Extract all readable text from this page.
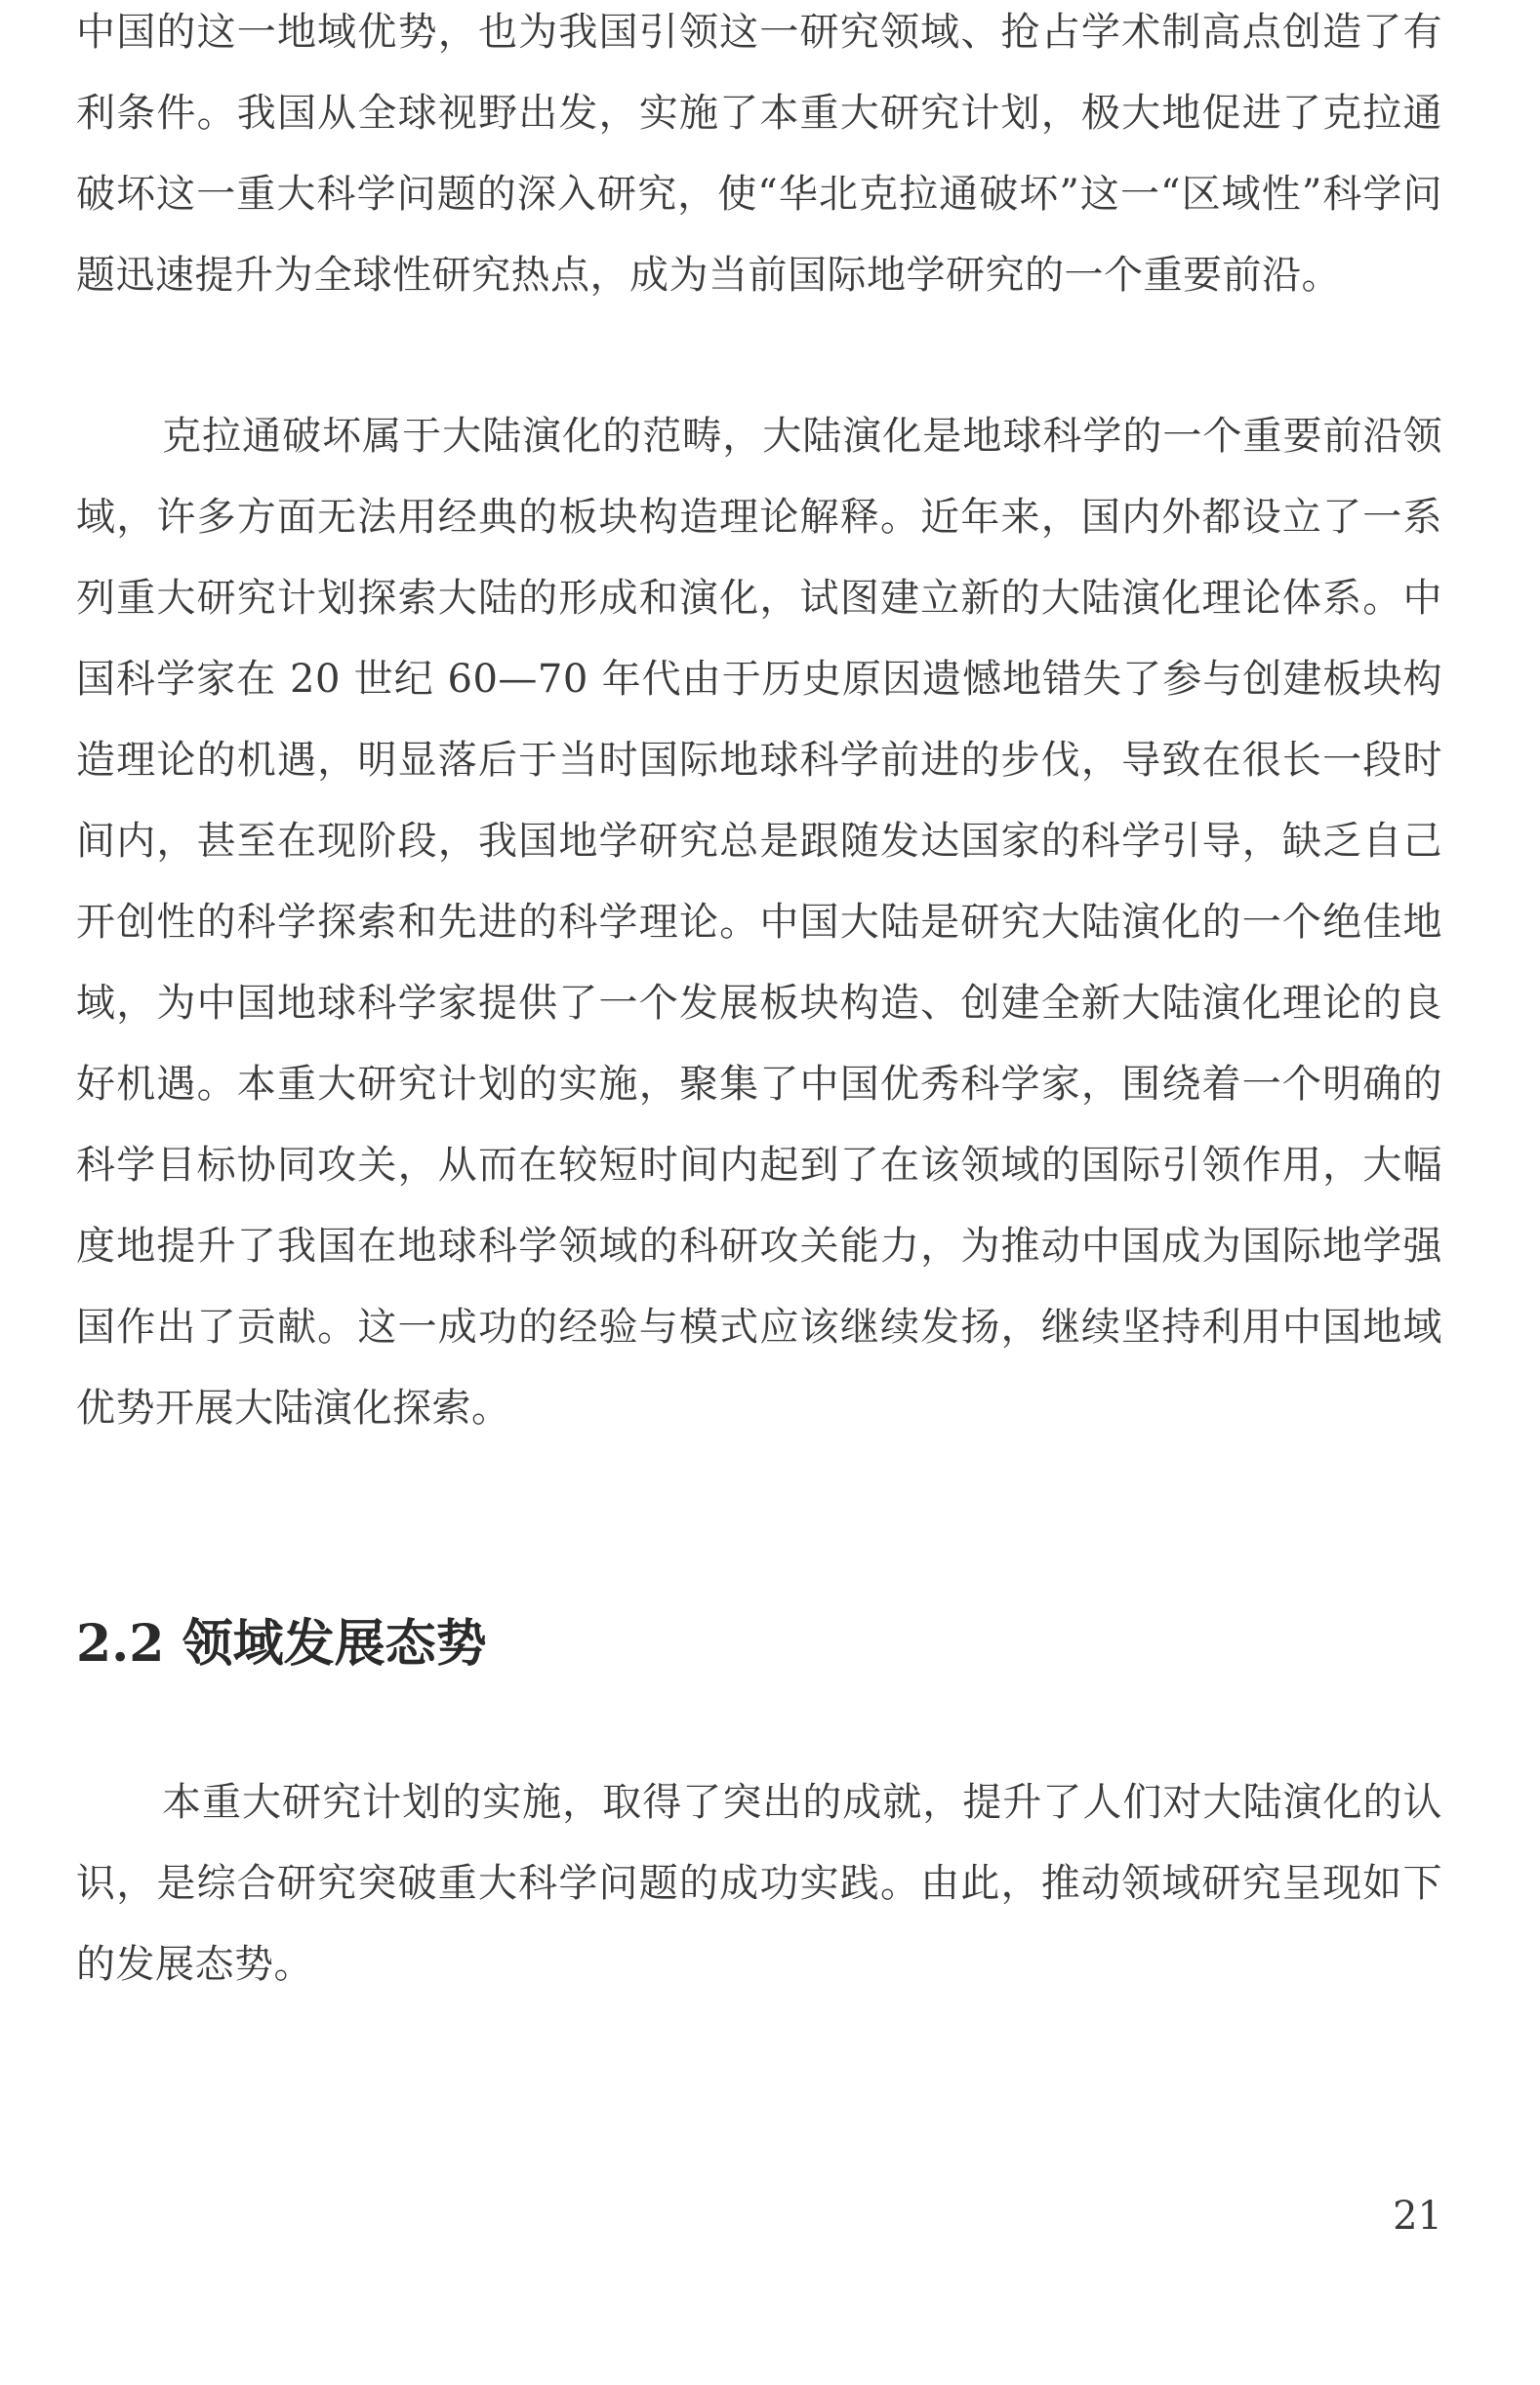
中国的这一地域优势，也为我国引领这一研究领域、抢占学术制高点创造了有利条件。我国从全球视野出发，实施了本重大研究计划，极大地促进了克拉通破坏这一重大科学问题的深入研究，使“华北克拉通破坏”这一“区域性”科学问题迅速提升为全球性研究热点，成为当前国际地学研究的一个重要前沿。

克拉通破坏属于大陆演化的范畴，大陆演化是地球科学的一个重要前沿领域，许多方面无法用经典的板块构造理论解释。近年来，国内外都设立了一系列重大研究计划探索大陆的形成和演化，试图建立新的大陆演化理论体系。中国科学家在 20 世纪 60—70 年代由于历史原因遗憾地错失了参与创建板块构造理论的机遇，明显落后于当时国际地球科学前进的步伐，导致在很长一段时间内，甚至在现阶段，我国地学研究总是跟随发达国家的科学引导，缺乏自己开创性的科学探索和先进的科学理论。中国大陆是研究大陆演化的一个绝佳地域，为中国地球科学家提供了一个发展板块构造、创建全新大陆演化理论的良好机遇。本重大研究计划的实施，聚集了中国优秀科学家，围绕着一个明确的科学目标协同攻关，从而在较短时间内起到了在该领域的国际引领作用，大幅度地提升了我国在地球科学领域的科研攻关能力，为推动中国成为国际地学强国作出了贡献。这一成功的经验与模式应该继续发扬，继续坚持利用中国地域优势开展大陆演化探索。

2.2 领域发展态势

本重大研究计划的实施，取得了突出的成就，提升了人们对大陆演化的认识，是综合研究突破重大科学问题的成功实践。由此，推动领域研究呈现如下的发展态势。

21
